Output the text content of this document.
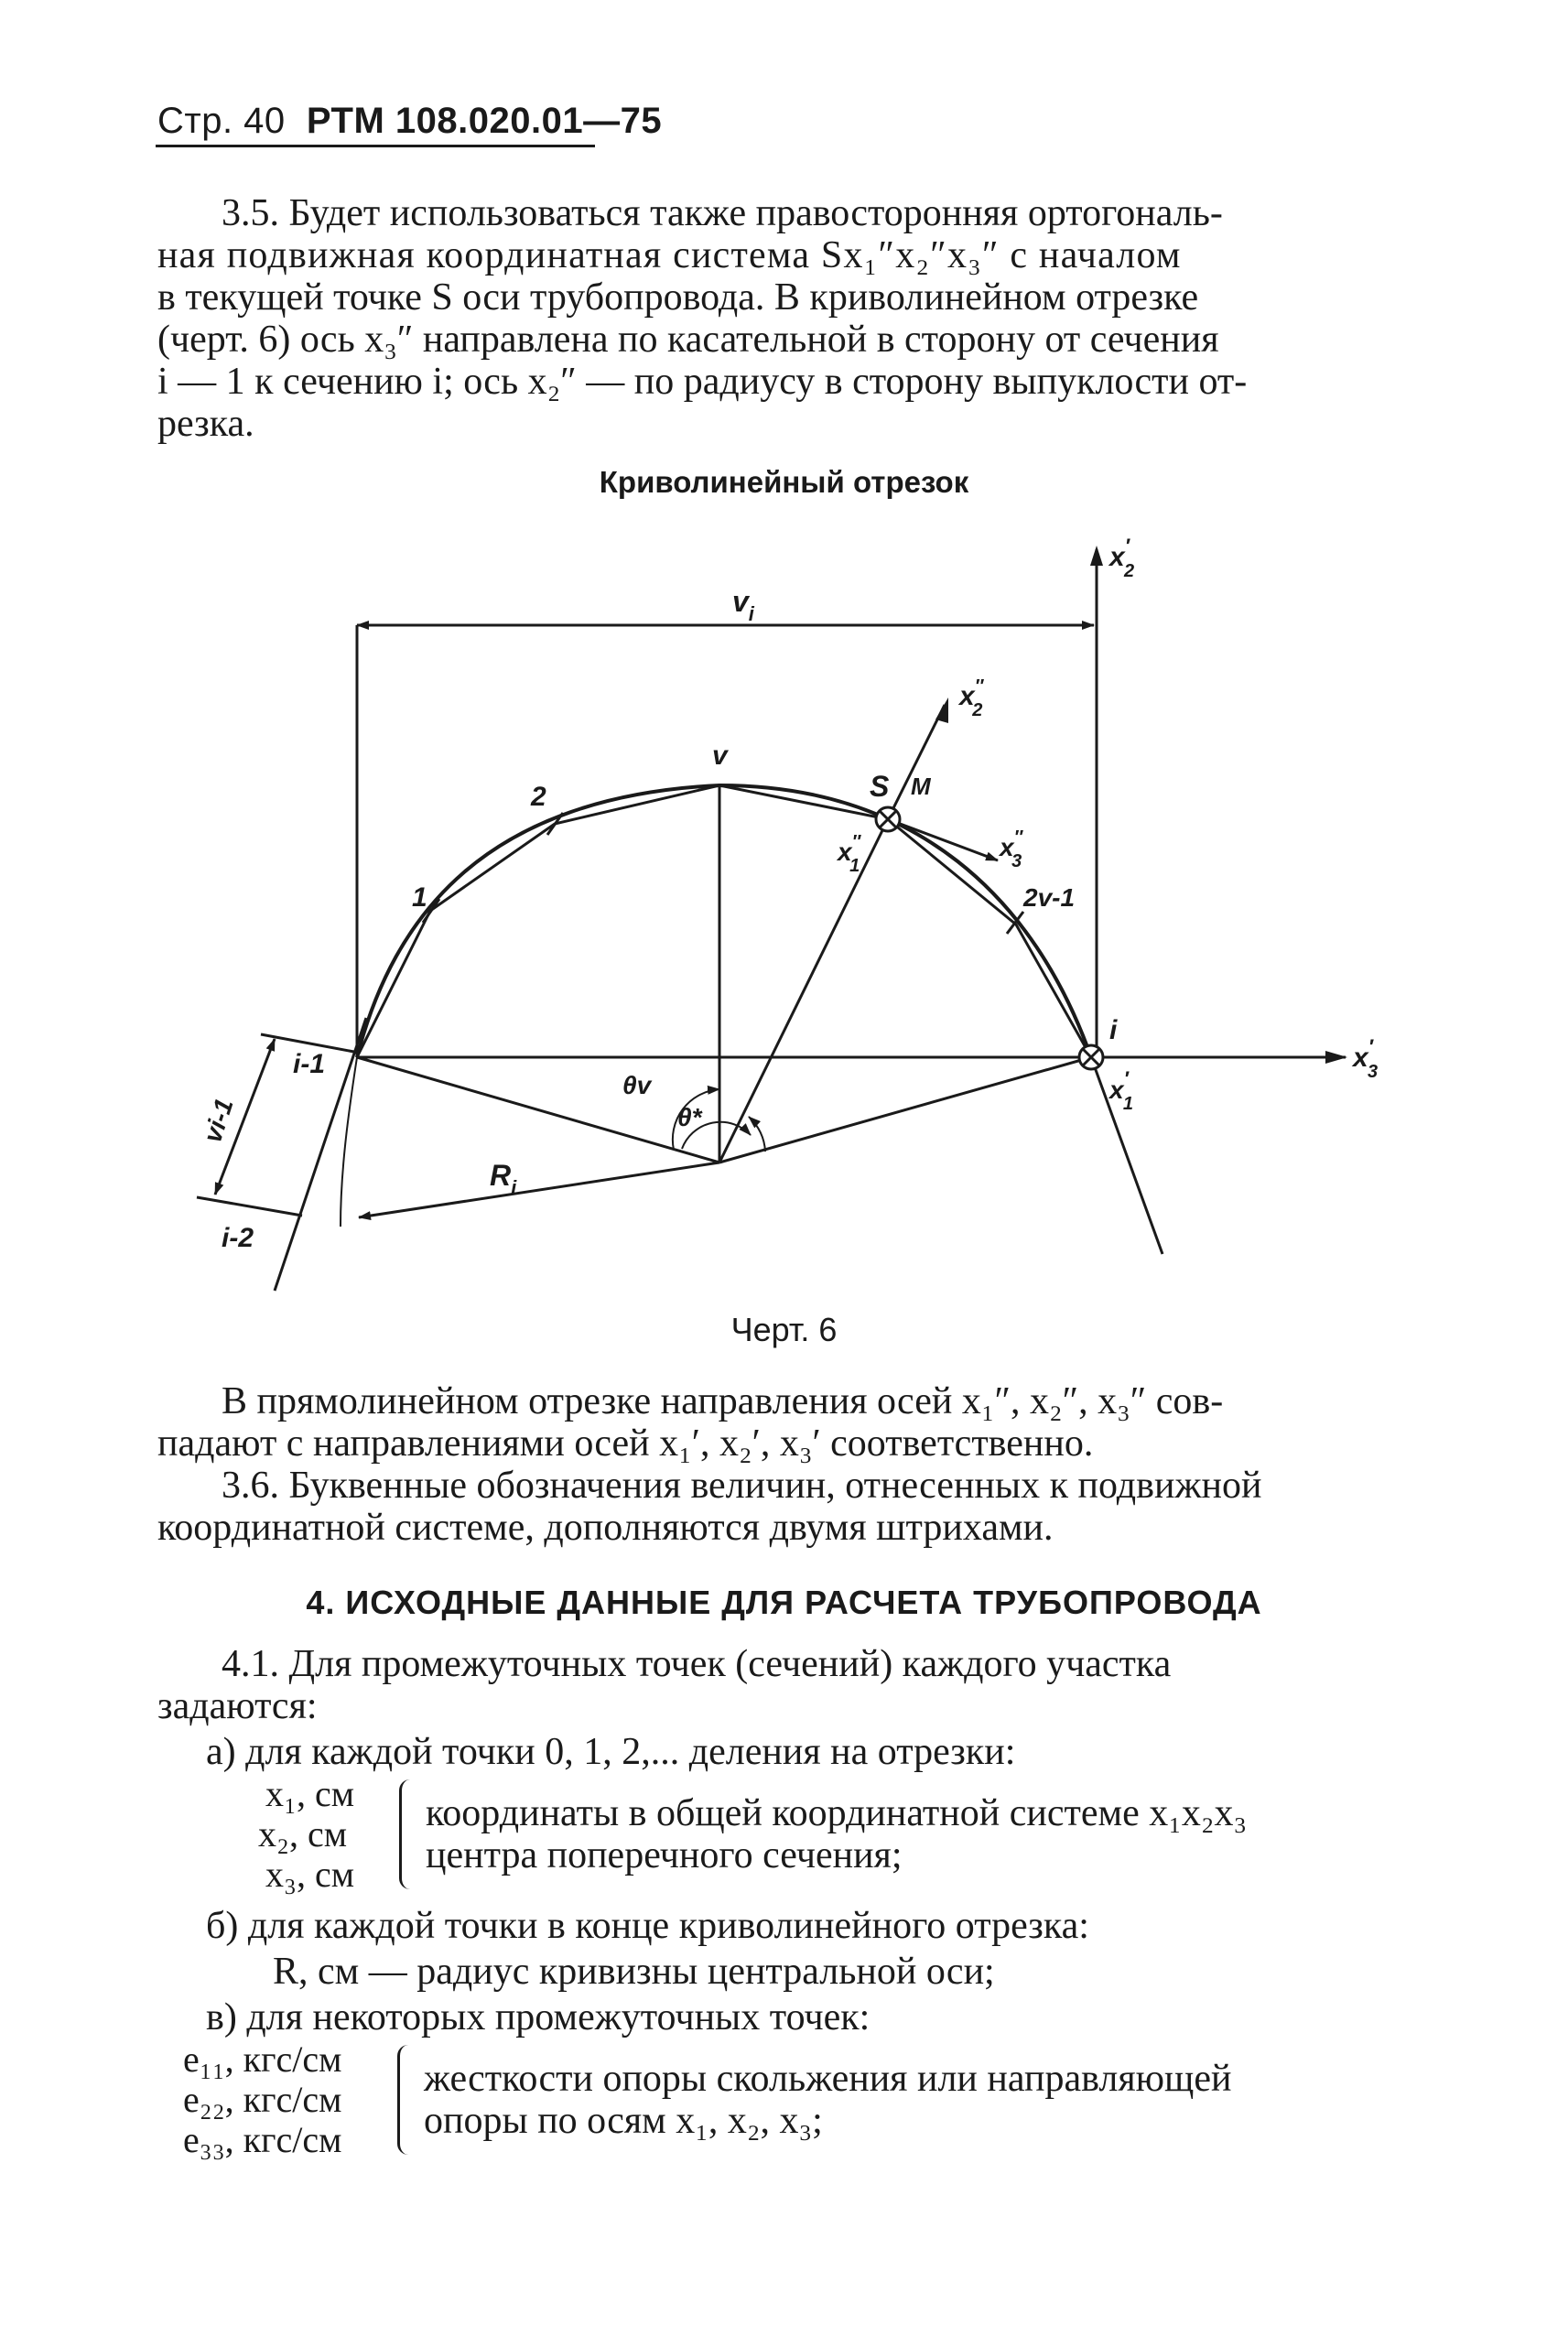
Стр. 40 РТМ 108.020.01—75
3.5. Будет использоваться также правосторонняя ортогональ-
ная подвижная координатная система Sx₁″x₂″x₃″ с началом
в текущей точке S оси трубопровода. В криволинейном отрезке
(черт. 6) ось x₃″ направлена по касательной в сторону от сечения
i — 1 к сечению i; ось x₂″ — по радиусу в сторону выпуклости от-
резка.
Криволинейный отрезок
$v_i$
x′ 2
x″ 2
v
S M
2
1
x″ 1
x″ 3
2v-1
i
x′ 3
x′ 1
i-1
i-2
θv
θ*
$R_i$
vi-1
Черт. 6
В прямолинейном отрезке направления осей x₁″, x₂″, x₃″ сов-
падают с направлениями осей x₁′, x₂′, x₃′ соответственно.
3.6. Буквенные обозначения величин, отнесенных к подвижной
координатной системе, дополняются двумя штрихами.
4. ИСХОДНЫЕ ДАННЫЕ ДЛЯ РАСЧЕТА ТРУБОПРОВОДА
4.1. Для промежуточных точек (сечений) каждого участка
задаются:
а) для каждой точки 0, 1, 2,... деления на отрезки:
x₁, см
x₂, см
x₃, см
координаты в общей координатной системе x₁x₂x₃
центра поперечного сечения;
б) для каждой точки в конце криволинейного отрезка:
R, см — радиус кривизны центральной оси;
в) для некоторых промежуточных точек:
e₁₁, кгс/см
e₂₂, кгс/см
e₃₃, кгс/см
жесткости опоры скольжения или направляющей
опоры по осям x₁, x₂, x₃;
